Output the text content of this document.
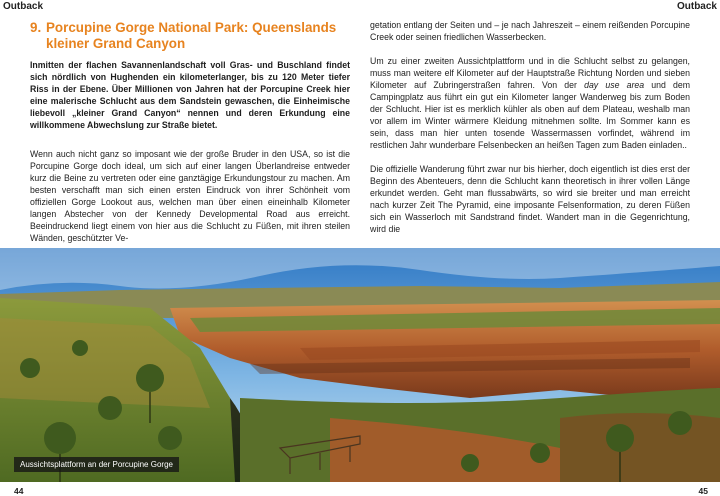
Outback	Outback
9. Porcupine Gorge National Park: Queenslands
kleiner Grand Canyon
Inmitten der flachen Savannenlandschaft voll Gras- und Buschland findet sich nördlich von Hughenden ein kilometerlanger, bis zu 120 Meter tiefer Riss in der Ebene. Über Millionen von Jahren hat der Porcupine Creek hier eine malerische Schlucht aus dem Sandstein gewaschen, die Einheimische liebevoll „kleiner Grand Canyon“ nennen und deren Erkundung eine willkommene Abwechslung zur Straße bietet.

Wenn auch nicht ganz so imposant wie der große Bruder in den USA, so ist die Porcupine Gorge doch ideal, um sich auf einer langen Überlandreise entweder kurz die Beine zu vertreten oder eine ganztägige Erkundungstour zu machen. Am besten verschafft man sich einen ersten Eindruck von ihrer Schönheit vom offiziellen Gorge Lookout aus, welchen man über einen eineinhalb Kilometer langen Abstecher von der Kennedy Developmental Road aus erreicht. Beeindruckend liegt einem von hier aus die Schlucht zu Füßen, mit ihren steilen Wänden, geschützter Ve-

getation entlang der Seiten und – je nach Jahreszeit – einem reißenden Porcupine Creek oder seinen friedlichen Wasserbecken.

Um zu einer zweiten Aussichtplattform und in die Schlucht selbst zu gelangen, muss man weitere elf Kilometer auf der Hauptstraße Richtung Norden und sieben Kilometer auf Zubringerstraßen fahren. Von der day use area und dem Campingplatz aus führt ein gut ein Kilometer langer Wanderweg bis zum Boden der Schlucht. Hier ist es merklich kühler als oben auf dem Plateau, weshalb man vor allem im Winter wärmere Kleidung mitnehmen sollte. Im Sommer kann es sein, dass man hier unten tosende Wassermassen vorfindet, während im restlichen Jahr wunderbare Felsenbecken an heißen Tagen zum Baden einladen..

Die offizielle Wanderung führt zwar nur bis hierher, doch eigentlich ist dies erst der Beginn des Abenteuers, denn die Schlucht kann theoretisch in ihrer vollen Länge erkundet werden. Geht man flussabwärts, so wird sie breiter und man erreicht nach kurzer Zeit The Pyramid, eine imposante Felsenformation, zu deren Füßen sich ein Wasserloch mit Sandstrand findet. Wandert man in die Gegenrichtung, wird die

Aussichtsplattform an der Porcupine Gorge
44	45
